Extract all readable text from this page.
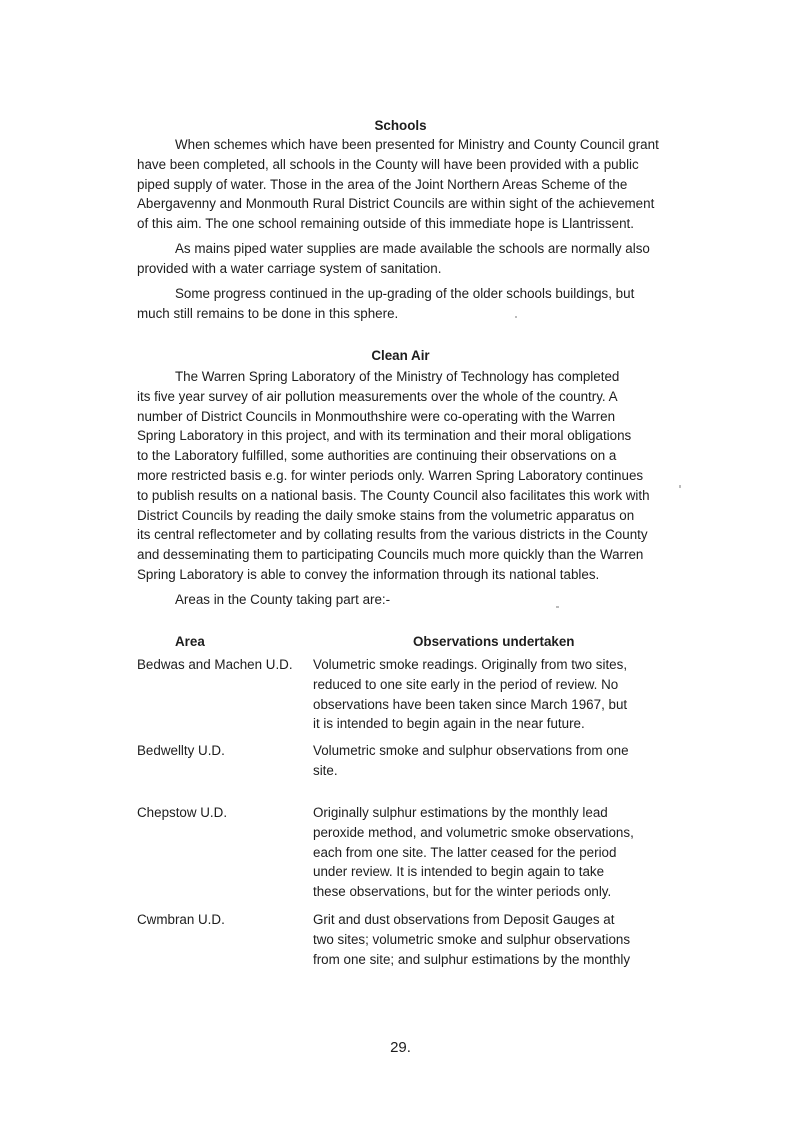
Schools
When schemes which have been presented for Ministry and County Council grant
have been completed, all schools in the County will have been provided with a public
piped supply of water. Those in the area of the Joint Northern Areas Scheme of the
Abergavenny and Monmouth Rural District Councils are within sight of the achievement
of this aim. The one school remaining outside of this immediate hope is Llantrissent.
As mains piped water supplies are made available the schools are normally also
provided with a water carriage system of sanitation.
Some progress continued in the up-grading of the older schools buildings, but
much still remains to be done in this sphere.
Clean Air
The Warren Spring Laboratory of the Ministry of Technology has completed
its five year survey of air pollution measurements over the whole of the country. A
number of District Councils in Monmouthshire were co-operating with the Warren
Spring Laboratory in this project, and with its termination and their moral obligations
to the Laboratory fulfilled, some authorities are continuing their observations on a
more restricted basis e.g. for winter periods only. Warren Spring Laboratory continues
to publish results on a national basis. The County Council also facilitates this work with
District Councils by reading the daily smoke stains from the volumetric apparatus on
its central reflectometer and by collating results from the various districts in the County
and desseminating them to participating Councils much more quickly than the Warren
Spring Laboratory is able to convey the information through its national tables.
Areas in the County taking part are:-
Area	Observations undertaken
Bedwas and Machen U.D. Volumetric smoke readings. Originally from two sites,
reduced to one site early in the period of review. No
observations have been taken since March 1967, but
it is intended to begin again in the near future.
Bedwellty U.D.	Volumetric smoke and sulphur observations from one
site.
Chepstow U.D.	Originally sulphur estimations by the monthly lead
peroxide method, and volumetric smoke observations,
each from one site. The latter ceased for the period
under review. It is intended to begin again to take
these observations, but for the winter periods only.
Cwmbran U.D.	Grit and dust observations from Deposit Gauges at
two sites; volumetric smoke and sulphur observations
from one site; and sulphur estimations by the monthly
29.
